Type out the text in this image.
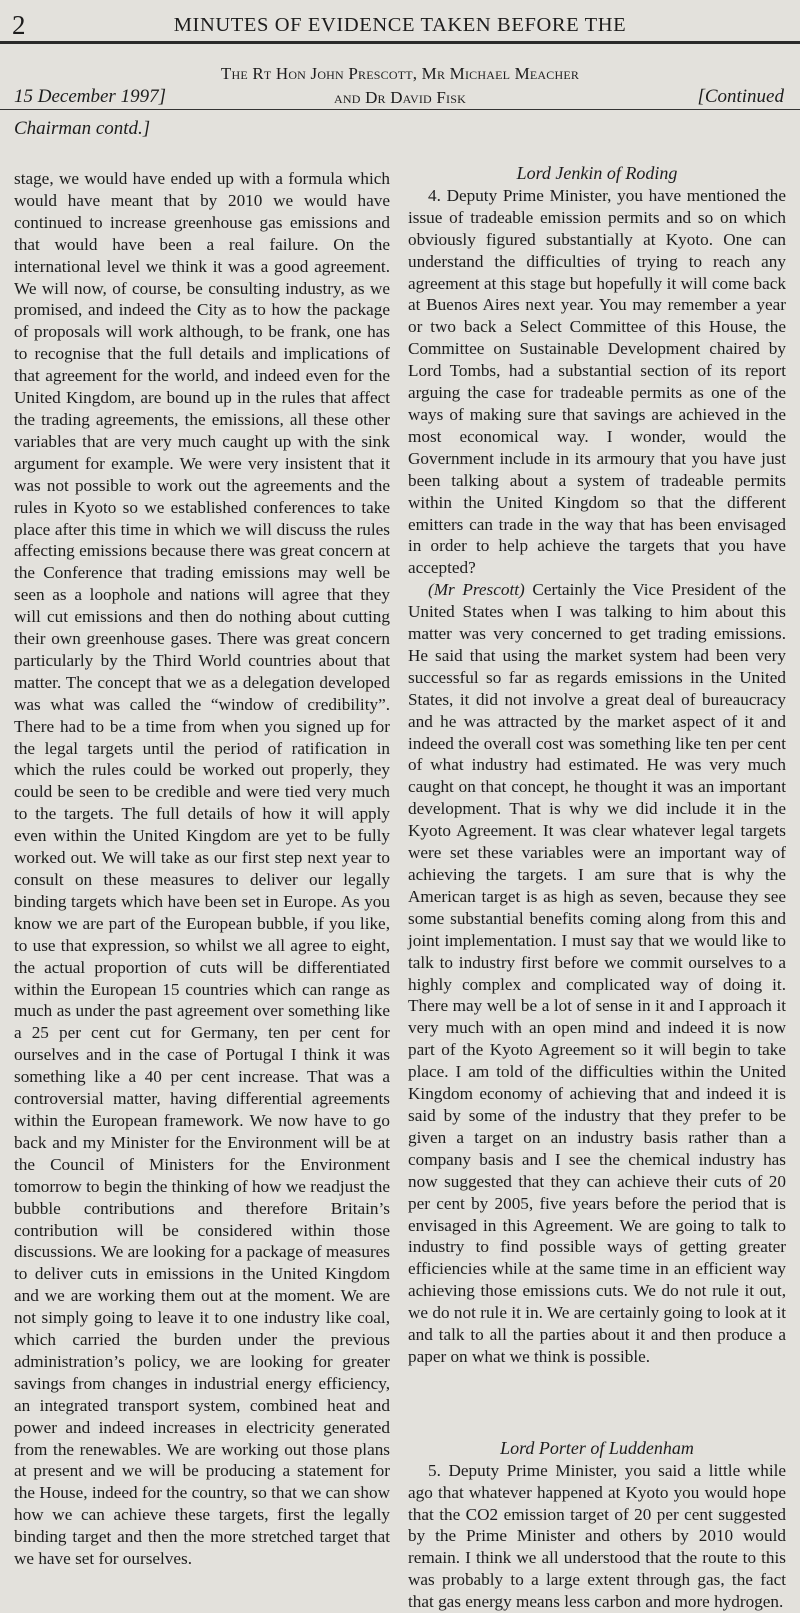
2	MINUTES OF EVIDENCE TAKEN BEFORE THE
15 December 1997]
The Rt Hon John Prescott, Mr Michael Meacher
and Dr David Fisk	[Continued
Chairman contd.]

stage, we would have ended up with a formula which would have meant that by 2010 we would have continued to increase greenhouse gas emissions and that would have been a real failure. On the international level we think it was a good agreement. We will now, of course, be consulting industry, as we promised, and indeed the City as to how the package of proposals will work although, to be frank, one has to recognise that the full details and implications of that agreement for the world, and indeed even for the United Kingdom, are bound up in the rules that affect the trading agreements, the emissions, all these other variables that are very much caught up with the sink argument for example. We were very insistent that it was not possible to work out the agreements and the rules in Kyoto so we established conferences to take place after this time in which we will discuss the rules affecting emissions because there was great concern at the Conference that trading emissions may well be seen as a loophole and nations will agree that they will cut emissions and then do nothing about cutting their own greenhouse gases. There was great concern particularly by the Third World countries about that matter. The concept that we as a delegation developed was what was called the “window of credibility”. There had to be a time from when you signed up for the legal targets until the period of ratification in which the rules could be worked out properly, they could be seen to be credible and were tied very much to the targets. The full details of how it will apply even within the United Kingdom are yet to be fully worked out. We will take as our first step next year to consult on these measures to deliver our legally binding targets which have been set in Europe. As you know we are part of the European bubble, if you like, to use that expression, so whilst we all agree to eight, the actual proportion of cuts will be differentiated within the European 15 countries which can range as much as under the past agreement over something like a 25 per cent cut for Germany, ten per cent for ourselves and in the case of Portugal I think it was something like a 40 per cent increase. That was a controversial matter, having differential agreements within the European framework. We now have to go back and my Minister for the Environment will be at the Council of Ministers for the Environment tomorrow to begin the thinking of how we readjust the bubble contributions and therefore Britain’s contribution will be considered within those discussions. We are looking for a package of measures to deliver cuts in emissions in the United Kingdom and we are working them out at the moment. We are not simply going to leave it to one industry like coal, which carried the burden under the previous administration’s policy, we are looking for greater savings from changes in industrial energy efficiency, an integrated transport system, combined heat and power and indeed increases in electricity generated from the renewables. We are working out those plans at present and we will be producing a statement for the House, indeed for the country, so that we can show how we can achieve these targets, first the legally binding target and then the more stretched target that we have set for ourselves.

Lord Jenkin of Roding

4. Deputy Prime Minister, you have mentioned the issue of tradeable emission permits and so on which obviously figured substantially at Kyoto. One can understand the difficulties of trying to reach any agreement at this stage but hopefully it will come back at Buenos Aires next year. You may remember a year or two back a Select Committee of this House, the Committee on Sustainable Development chaired by Lord Tombs, had a substantial section of its report arguing the case for tradeable permits as one of the ways of making sure that savings are achieved in the most economical way. I wonder, would the Government include in its armoury that you have just been talking about a system of tradeable permits within the United Kingdom so that the different emitters can trade in the way that has been envisaged in order to help achieve the targets that you have accepted?

(Mr Prescott) Certainly the Vice President of the United States when I was talking to him about this matter was very concerned to get trading emissions. He said that using the market system had been very successful so far as regards emissions in the United States, it did not involve a great deal of bureaucracy and he was attracted by the market aspect of it and indeed the overall cost was something like ten per cent of what industry had estimated. He was very much caught on that concept, he thought it was an important development. That is why we did include it in the Kyoto Agreement. It was clear whatever legal targets were set these variables were an important way of achieving the targets. I am sure that is why the American target is as high as seven, because they see some substantial benefits coming along from this and joint implementation. I must say that we would like to talk to industry first before we commit ourselves to a highly complex and complicated way of doing it. There may well be a lot of sense in it and I approach it very much with an open mind and indeed it is now part of the Kyoto Agreement so it will begin to take place. I am told of the difficulties within the United Kingdom economy of achieving that and indeed it is said by some of the industry that they prefer to be given a target on an industry basis rather than a company basis and I see the chemical industry has now suggested that they can achieve their cuts of 20 per cent by 2005, five years before the period that is envisaged in this Agreement. We are going to talk to industry to find possible ways of getting greater efficiencies while at the same time in an efficient way achieving those emissions cuts. We do not rule it out, we do not rule it in. We are certainly going to look at it and talk to all the parties about it and then produce a paper on what we think is possible.

Lord Porter of Luddenham

5. Deputy Prime Minister, you said a little while ago that whatever happened at Kyoto you would hope that the CO2 emission target of 20 per cent suggested by the Prime Minister and others by 2010 would remain. I think we all understood that the route to this was probably to a large extent through gas, the fact that gas energy means less carbon and more hydrogen.
